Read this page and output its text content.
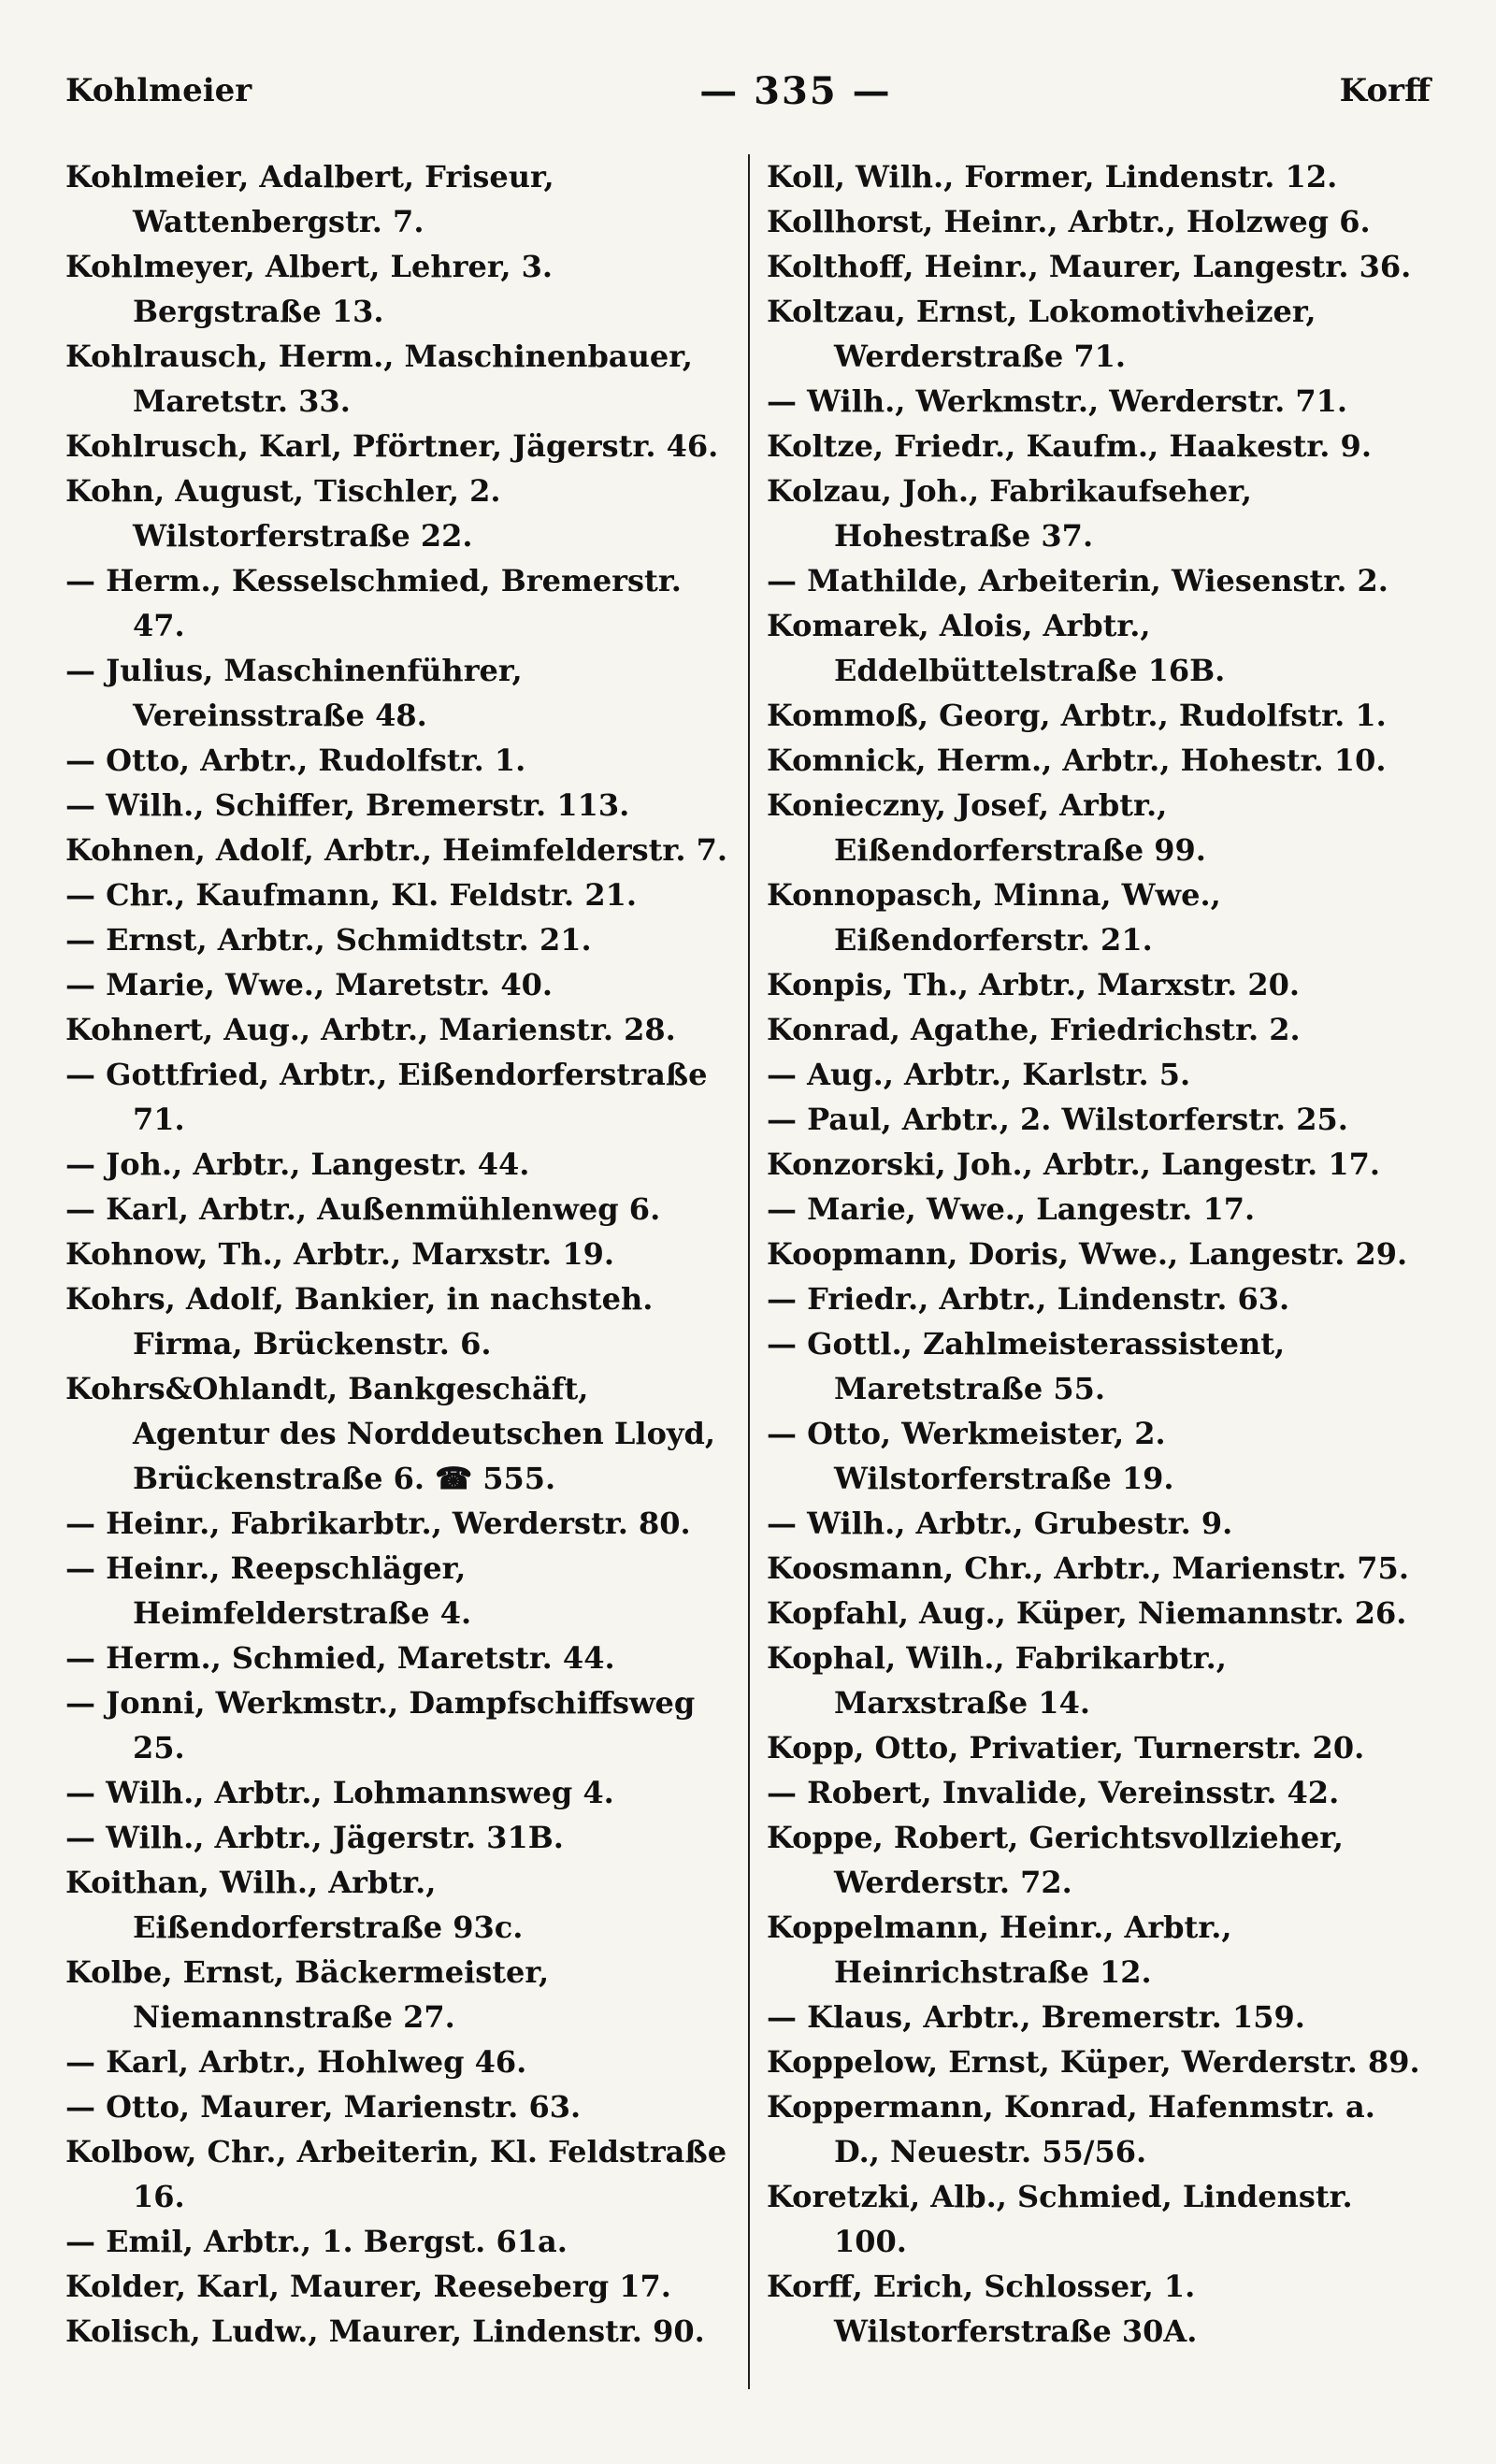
Kohlmeier	— 335 —	Korff
Kohlmeier, Adalbert, Friseur, Wattenbergstr. 7.
Kohlmeyer, Albert, Lehrer, 3. Bergstraße 13.
Kohlrausch, Herm., Maschinenbauer, Maretstr. 33.
Kohlrusch, Karl, Pförtner, Jägerstr. 46.
Kohn, August, Tischler, 2. Wilstorferstraße 22.
— Herm., Kesselschmied, Bremerstr. 47.
— Julius, Maschinenführer, Vereinsstraße 48.
— Otto, Arbtr., Rudolfstr. 1.
— Wilh., Schiffer, Bremerstr. 113.
Kohnen, Adolf, Arbtr., Heimfelderstr. 7.
— Chr., Kaufmann, Kl. Feldstr. 21.
— Ernst, Arbtr., Schmidtstr. 21.
— Marie, Wwe., Maretstr. 40.
Kohnert, Aug., Arbtr., Marienstr. 28.
— Gottfried, Arbtr., Eißendorferstraße 71.
— Joh., Arbtr., Langestr. 44.
— Karl, Arbtr., Außenmühlenweg 6.
Kohnow, Th., Arbtr., Marxstr. 19.
Kohrs, Adolf, Bankier, in nachsteh. Firma, Brückenstr. 6.
Kohrs&Ohlandt, Bankgeschäft, Agentur des Norddeutschen Lloyd, Brückenstraße 6. ☎ 555.
— Heinr., Fabrikarbtr., Werderstr. 80.
— Heinr., Reepschläger, Heimfelderstraße 4.
— Herm., Schmied, Maretstr. 44.
— Jonni, Werkmstr., Dampfschiffsweg 25.
— Wilh., Arbtr., Lohmannsweg 4.
— Wilh., Arbtr., Jägerstr. 31B.
Koithan, Wilh., Arbtr., Eißendorferstraße 93c.
Kolbe, Ernst, Bäckermeister, Niemannstraße 27.
— Karl, Arbtr., Hohlweg 46.
— Otto, Maurer, Marienstr. 63.
Kolbow, Chr., Arbeiterin, Kl. Feldstraße 16.
— Emil, Arbtr., 1. Bergst. 61a.
Kolder, Karl, Maurer, Reeseberg 17.
Kolisch, Ludw., Maurer, Lindenstr. 90.
Koll, Wilh., Former, Lindenstr. 12.
Kollhorst, Heinr., Arbtr., Holzweg 6.
Kolthoff, Heinr., Maurer, Langestr. 36.
Koltzau, Ernst, Lokomotivheizer, Werderstraße 71.
— Wilh., Werkmstr., Werderstr. 71.
Koltze, Friedr., Kaufm., Haakestr. 9.
Kolzau, Joh., Fabrikaufseher, Hohestraße 37.
— Mathilde, Arbeiterin, Wiesenstr. 2.
Komarek, Alois, Arbtr., Eddelbüttelstraße 16B.
Kommoß, Georg, Arbtr., Rudolfstr. 1.
Komnick, Herm., Arbtr., Hohestr. 10.
Konieczny, Josef, Arbtr., Eißendorferstraße 99.
Konnopasch, Minna, Wwe., Eißendorferstr. 21.
Konpis, Th., Arbtr., Marxstr. 20.
Konrad, Agathe, Friedrichstr. 2.
— Aug., Arbtr., Karlstr. 5.
— Paul, Arbtr., 2. Wilstorferstr. 25.
Konzorski, Joh., Arbtr., Langestr. 17.
— Marie, Wwe., Langestr. 17.
Koopmann, Doris, Wwe., Langestr. 29.
— Friedr., Arbtr., Lindenstr. 63.
— Gottl., Zahlmeisterassistent, Maretstraße 55.
— Otto, Werkmeister, 2. Wilstorferstraße 19.
— Wilh., Arbtr., Grubestr. 9.
Koosmann, Chr., Arbtr., Marienstr. 75.
Kopfahl, Aug., Küper, Niemannstr. 26.
Kophal, Wilh., Fabrikarbtr., Marxstraße 14.
Kopp, Otto, Privatier, Turnerstr. 20.
— Robert, Invalide, Vereinsstr. 42.
Koppe, Robert, Gerichtsvollzieher, Werderstr. 72.
Koppelmann, Heinr., Arbtr., Heinrichstraße 12.
— Klaus, Arbtr., Bremerstr. 159.
Koppelow, Ernst, Küper, Werderstr. 89.
Koppermann, Konrad, Hafenmstr. a. D., Neuestr. 55/56.
Koretzki, Alb., Schmied, Lindenstr. 100.
Korff, Erich, Schlosser, 1. Wilstorferstraße 30A.
